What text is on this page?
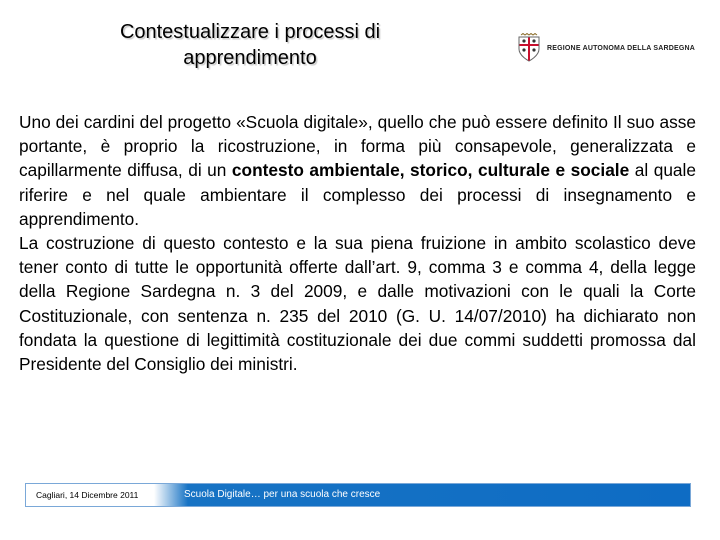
Contestualizzare i processi di apprendimento	REGIONE AUTONOMA DELLA SARDEGNA

Uno dei cardini del progetto «Scuola digitale», quello che può essere definito Il suo asse portante, è proprio la ricostruzione, in forma più consapevole, generalizzata e capillarmente diffusa, di un contesto ambientale, storico, culturale e sociale al quale riferire e nel quale ambientare il complesso dei processi di insegnamento e apprendimento.

La costruzione di questo contesto e la sua piena fruizione in ambito scolastico deve tener conto di tutte le opportunità offerte dall’art. 9, comma 3 e comma 4, della legge della Regione Sardegna n. 3 del 2009, e dalle motivazioni con le quali la Corte Costituzionale, con sentenza n. 235 del 2010 (G. U. 14/07/2010) ha dichiarato non fondata la questione di legittimità costituzionale dei due commi suddetti promossa dal Presidente del Consiglio dei ministri.

Cagliari, 14 Dicembre 2011	Scuola Digitale… per una scuola che cresce
